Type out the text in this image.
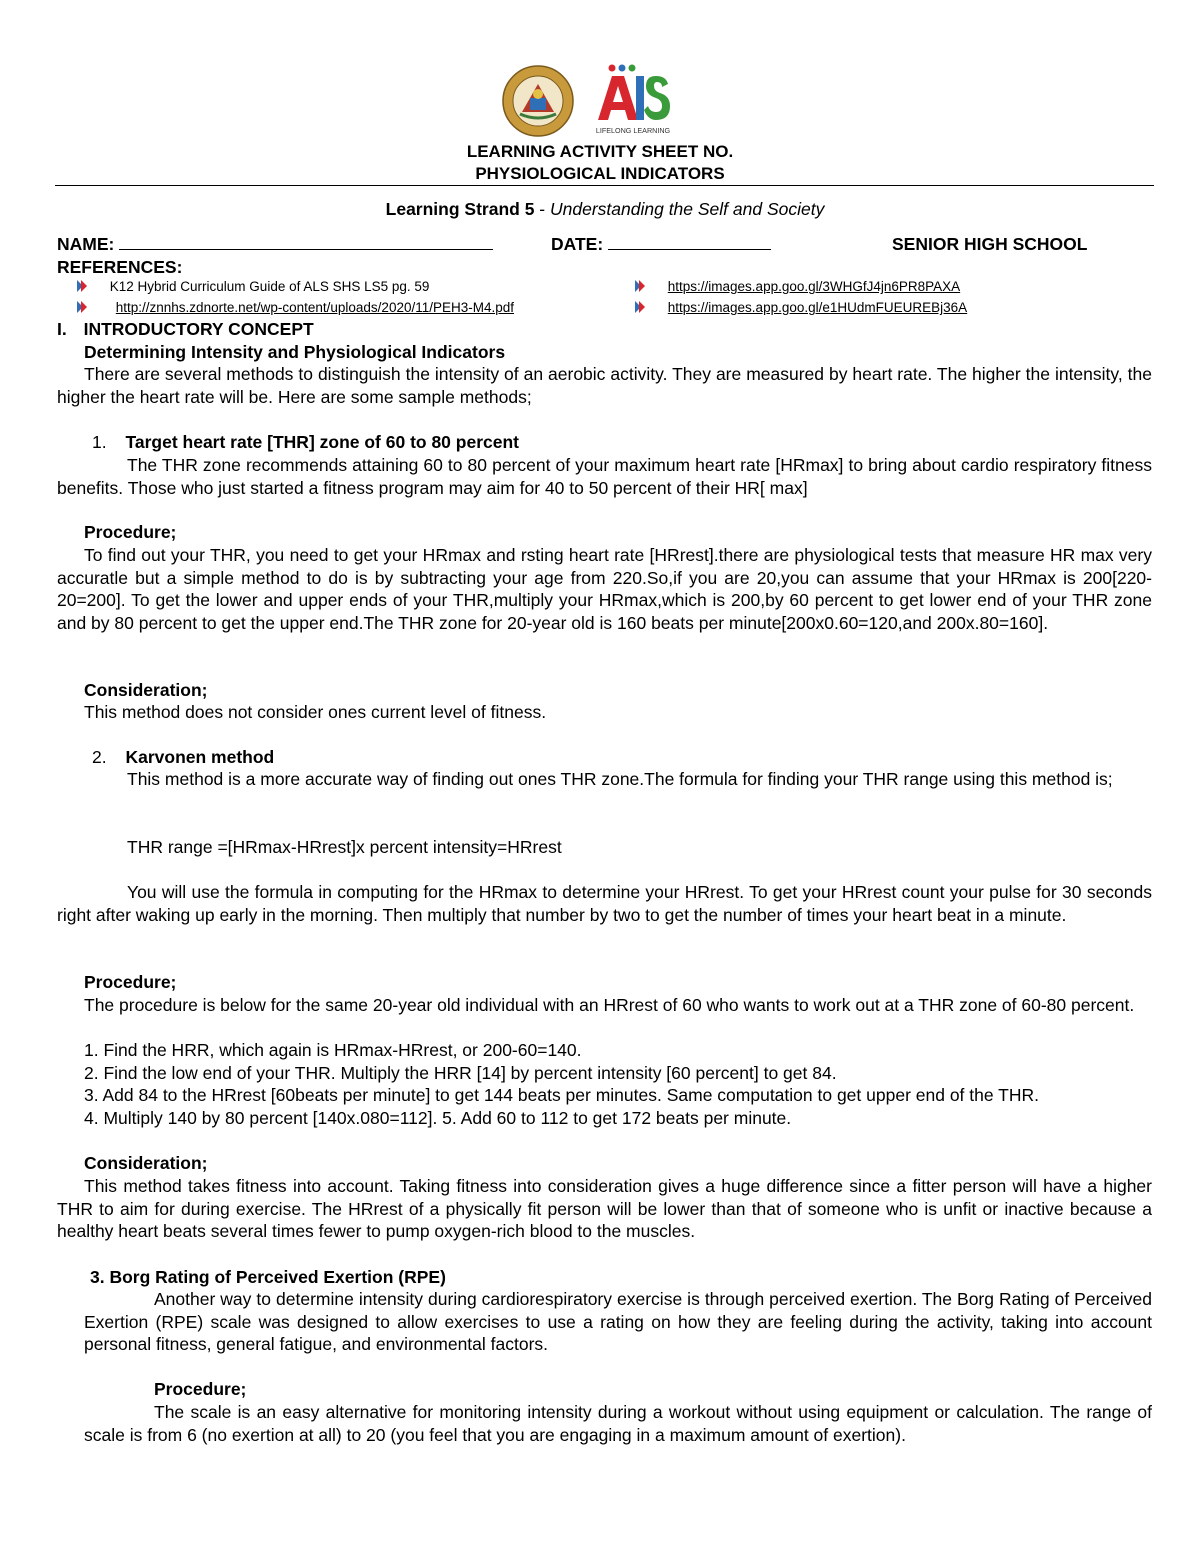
LIFELONG LEARNING
LEARNING ACTIVITY SHEET NO.
PHYSIOLOGICAL INDICATORS
Learning Strand 5 - Understanding the Self and Society
NAME:	DATE:	SENIOR HIGH SCHOOL
REFERENCES:
K12 Hybrid Curriculum Guide of ALS SHS LS5 pg. 59
http://znnhs.zdnorte.net/wp-content/uploads/2020/11/PEH3-M4.pdf
https://images.app.goo.gl/3WHGfJ4jn6PR8PAXA
https://images.app.goo.gl/e1HUdmFUEUREBj36A
I. INTRODUCTORY CONCEPT
Determining Intensity and Physiological Indicators
There are several methods to distinguish the intensity of an aerobic activity. They are measured by heart rate. The higher the intensity, the higher the heart rate will be. Here are some sample methods;
1. Target heart rate [THR] zone of 60 to 80 percent
The THR zone recommends attaining 60 to 80 percent of your maximum heart rate [HRmax] to bring about cardio respiratory fitness benefits. Those who just started a fitness program may aim for 40 to 50 percent of their HR[ max]
Procedure;
To find out your THR, you need to get your HRmax and rsting heart rate [HRrest].there are physiological tests that measure HR max very accuratle but a simple method to do is by subtracting your age from 220.So,if you are 20,you can assume that your HRmax is 200[220-20=200]. To get the lower and upper ends of your THR,multiply your HRmax,which is 200,by 60 percent to get lower end of your THR zone and by 80 percent to get the upper end.The THR zone for 20-year old is 160 beats per minute[200x0.60=120,and 200x.80=160].
Consideration;
This method does not consider ones current level of fitness.
2. Karvonen method
This method is a more accurate way of finding out ones THR zone.The formula for finding your THR range using this method is;
THR range =[HRmax-HRrest]x percent intensity=HRrest
You will use the formula in computing for the HRmax to determine your HRrest. To get your HRrest count your pulse for 30 seconds right after waking up early in the morning. Then multiply that number by two to get the number of times your heart beat in a minute.
Procedure;
The procedure is below for the same 20-year old individual with an HRrest of 60 who wants to work out at a THR zone of 60-80 percent.
1. Find the HRR, which again is HRmax-HRrest, or 200-60=140.
2. Find the low end of your THR. Multiply the HRR [14] by percent intensity [60 percent] to get 84.
3. Add 84 to the HRrest [60beats per minute] to get 144 beats per minutes. Same computation to get upper end of the THR.
4. Multiply 140 by 80 percent [140x.080=112]. 5. Add 60 to 112 to get 172 beats per minute.
Consideration;
This method takes fitness into account. Taking fitness into consideration gives a huge difference since a fitter person will have a higher THR to aim for during exercise. The HRrest of a physically fit person will be lower than that of someone who is unfit or inactive because a healthy heart beats several times fewer to pump oxygen-rich blood to the muscles.
3. Borg Rating of Perceived Exertion (RPE)
Another way to determine intensity during cardiorespiratory exercise is through perceived exertion. The Borg Rating of Perceived Exertion (RPE) scale was designed to allow exercises to use a rating on how they are feeling during the activity, taking into account personal fitness, general fatigue, and environmental factors.
Procedure;
The scale is an easy alternative for monitoring intensity during a workout without using equipment or calculation. The range of scale is from 6 (no exertion at all) to 20 (you feel that you are engaging in a maximum amount of exertion).
